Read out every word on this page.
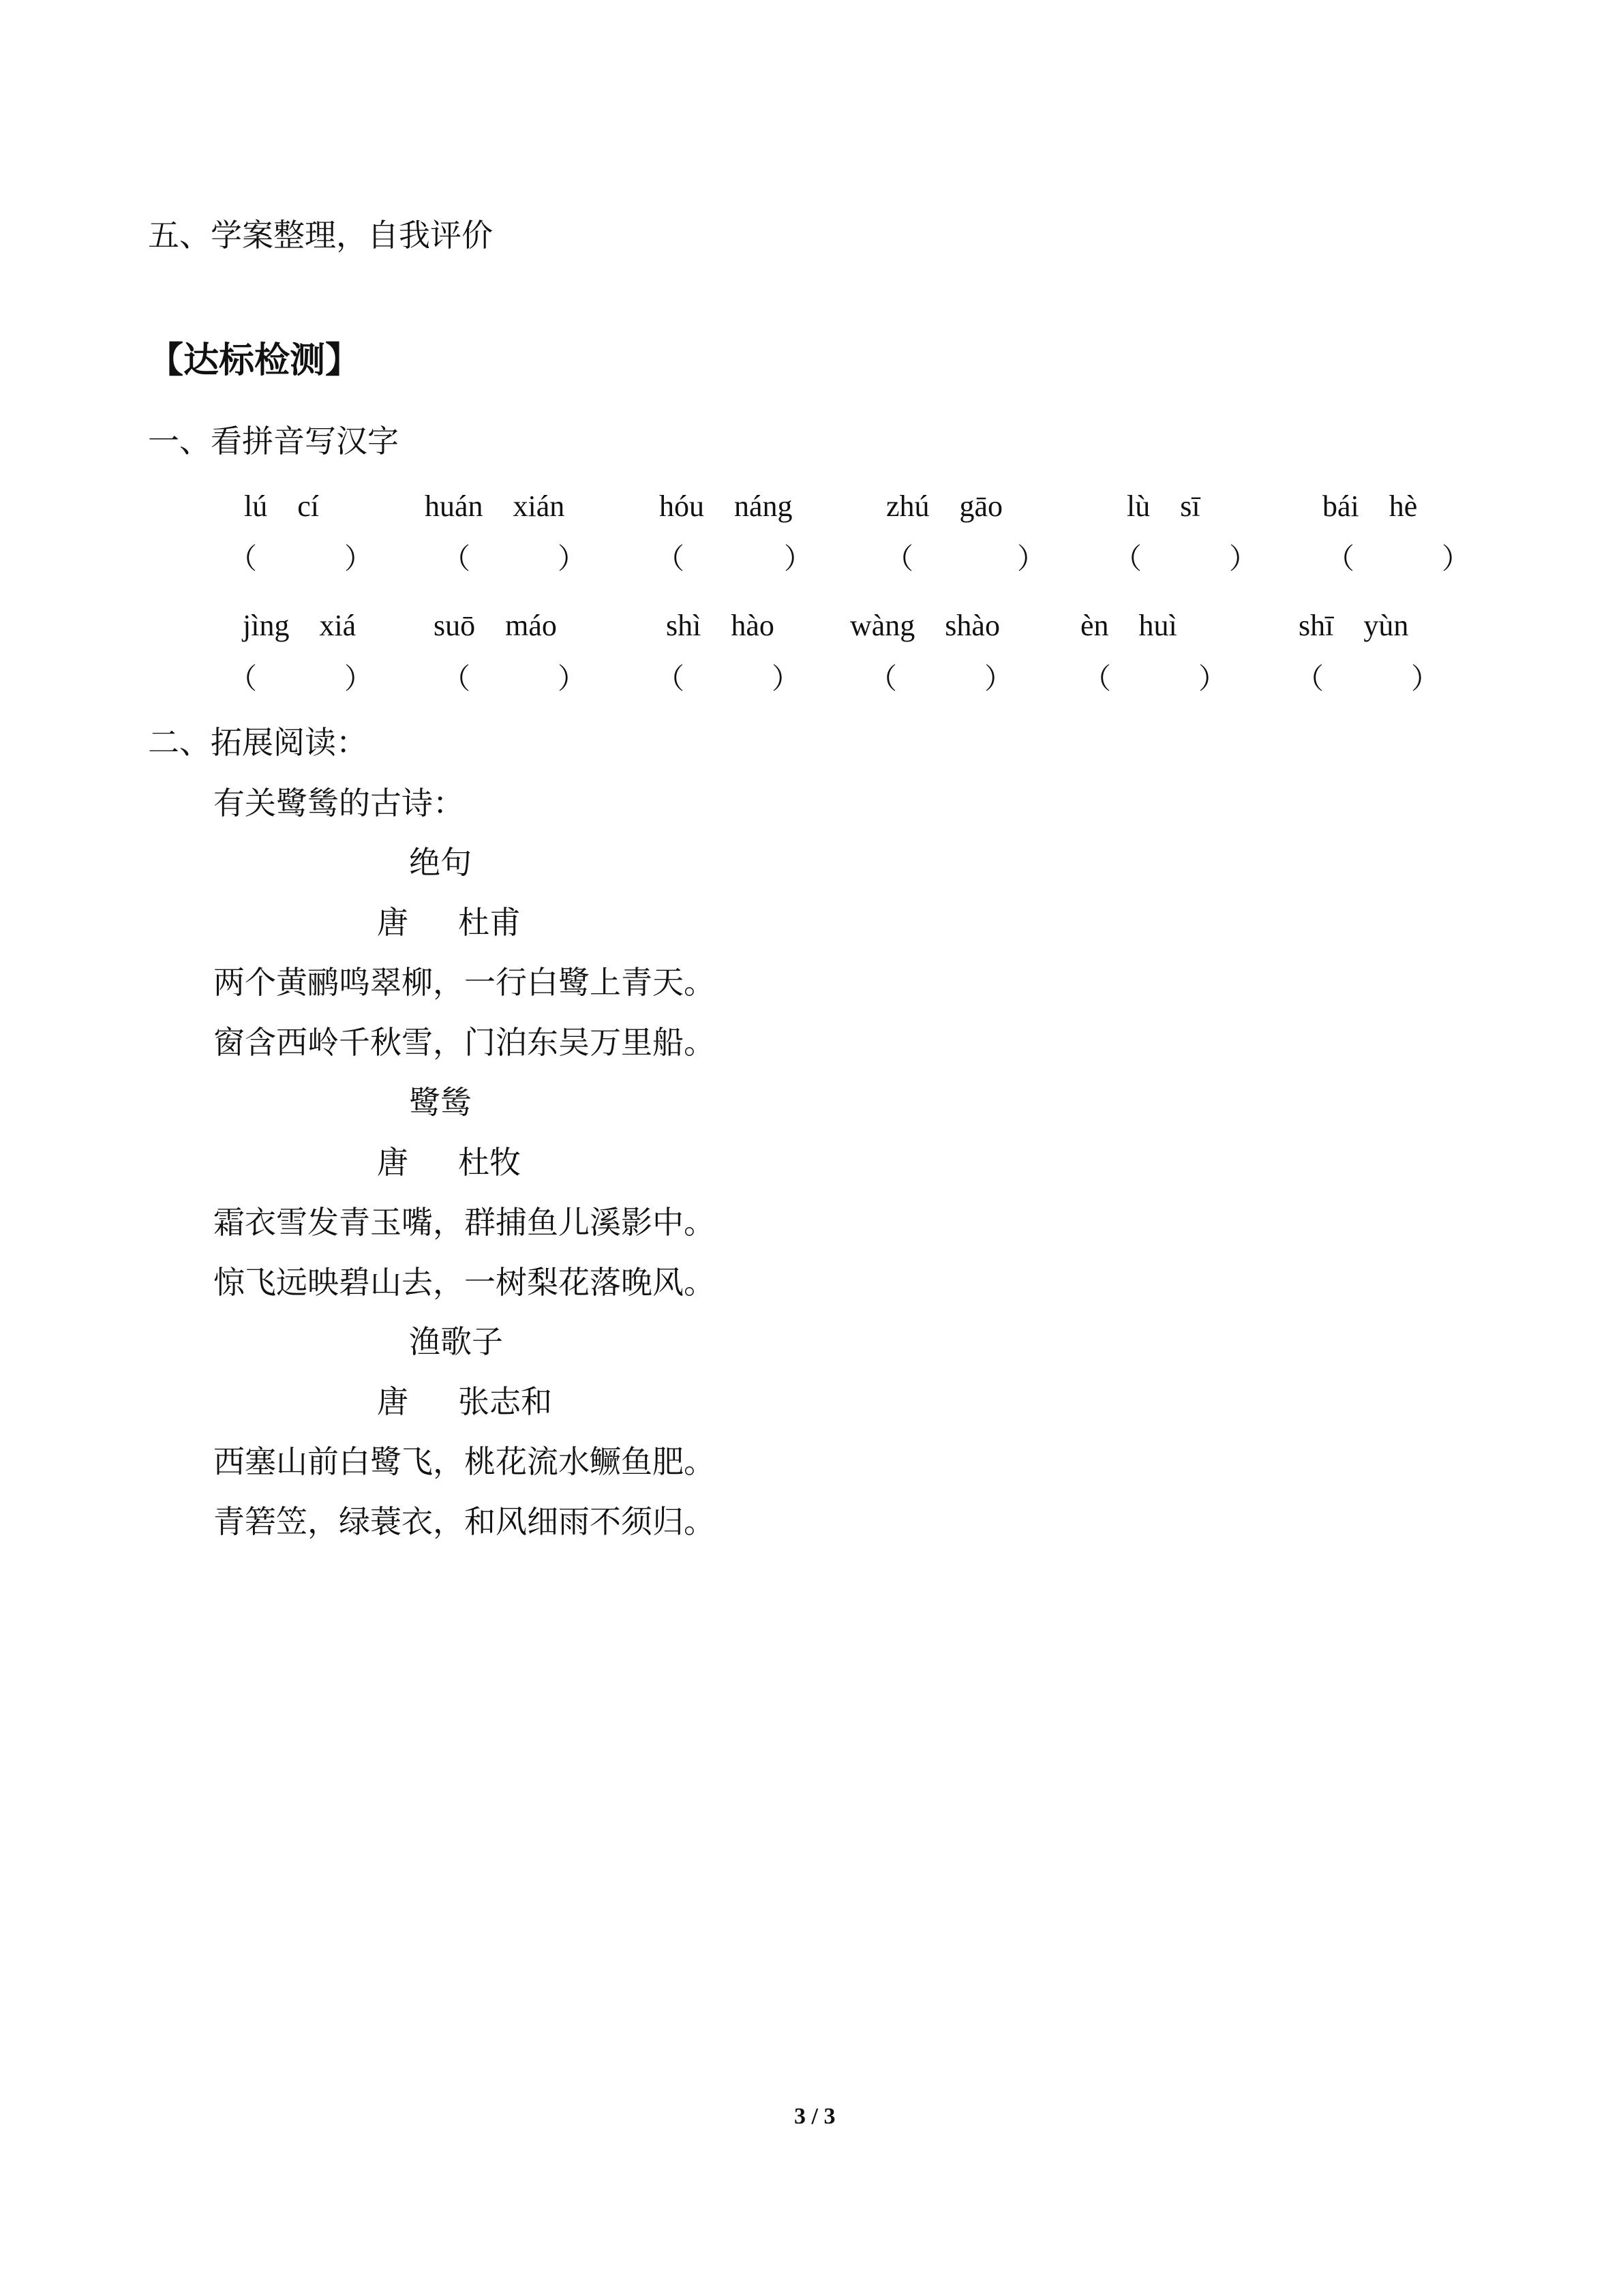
五、学案整理，自我评价
【达标检测】
一、看拼音写汉字
lú　cí	huán　xián	hóu　náng	zhú　gāo	lù　sī	bái　hè
（	） （	） （	）	（	） （	） （	）
jìng　xiá	suō　máo	shì　hào	wàng　shào	èn　huì	shī　yùn
（	） （	） （	） （	） （	） （	）
二、拓展阅读：
有关鹭鸶的古诗：
绝句
唐 杜甫
两个黄鹂鸣翠柳，一行白鹭上青天。
窗含西岭千秋雪，门泊东吴万里船。
鹭鸶
唐 杜牧
霜衣雪发青玉嘴，群捕鱼儿溪影中。
惊飞远映碧山去，一树梨花落晚风。
渔歌子
唐 张志和
西塞山前白鹭飞，桃花流水鳜鱼肥。
青箬笠，绿蓑衣，和风细雨不须归。
3 / 3
